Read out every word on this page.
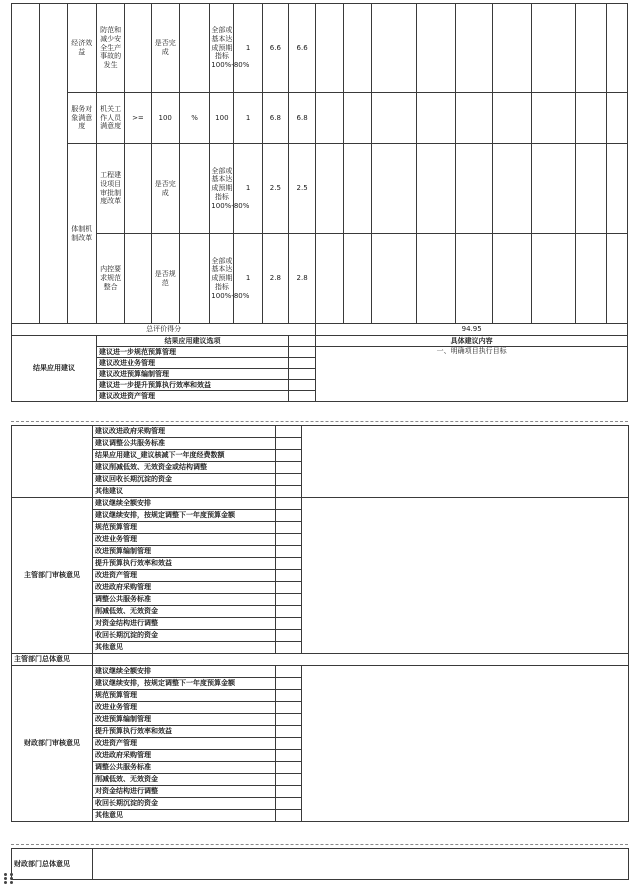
		经济效益	防范和减少安全生产事故的发生		是否完成		全部或基本达成预期指标100%-80%	1	6.6	6.6									
		服务对象满意度	机关工作人员满意度	>=	100	%	100	1	6.8	6.8									
		体制机制改革	工程建设项目审批制度改革		是否完成		全部或基本达成预期指标100%-80%	1	2.5	2.5									
			内控要求规范整合		是否规范		全部或基本达成预期指标100%-80%	1	2.8	2.8									
总评价得分											94.95								
结果应用建议			结果应用建议选项								具体建议内容								
			建议进一步规范预算管理								一、明确项目执行目标								
			建议改进业务管理																
			建议改进预算编制管理																
			建议进一步提升预算执行效率和效益																
			建议改进资产管理																
	建议改进政府采购管理		
	建议调整公共服务标准		
	结果应用建议_建议核减下一年度经费数额		
	建议削减低效、无效资金或结构调整		
	建议回收长期沉淀的资金		
	其他建议		
主管部门审核意见	建议继续全额安排		
	建议继续安排，按规定调整下一年度预算金额		
	规范预算管理		
	改进业务管理		
	改进预算编制管理		
	提升预算执行效率和效益		
	改进资产管理		
	改进政府采购管理		
	调整公共服务标准		
	削减低效、无效资金		
	对资金结构进行调整		
	收回长期沉淀的资金		
	其他意见		
主管部门总体意见			
财政部门审核意见	建议继续全额安排		
	建议继续安排，按规定调整下一年度预算金额		
	规范预算管理		
	改进业务管理		
	改进预算编制管理		
	提升预算执行效率和效益		
	改进资产管理		
	改进政府采购管理		
	调整公共服务标准		
	削减低效、无效资金		
	对资金结构进行调整		
	收回长期沉淀的资金		
	其他意见		
财政部门总体意见	
